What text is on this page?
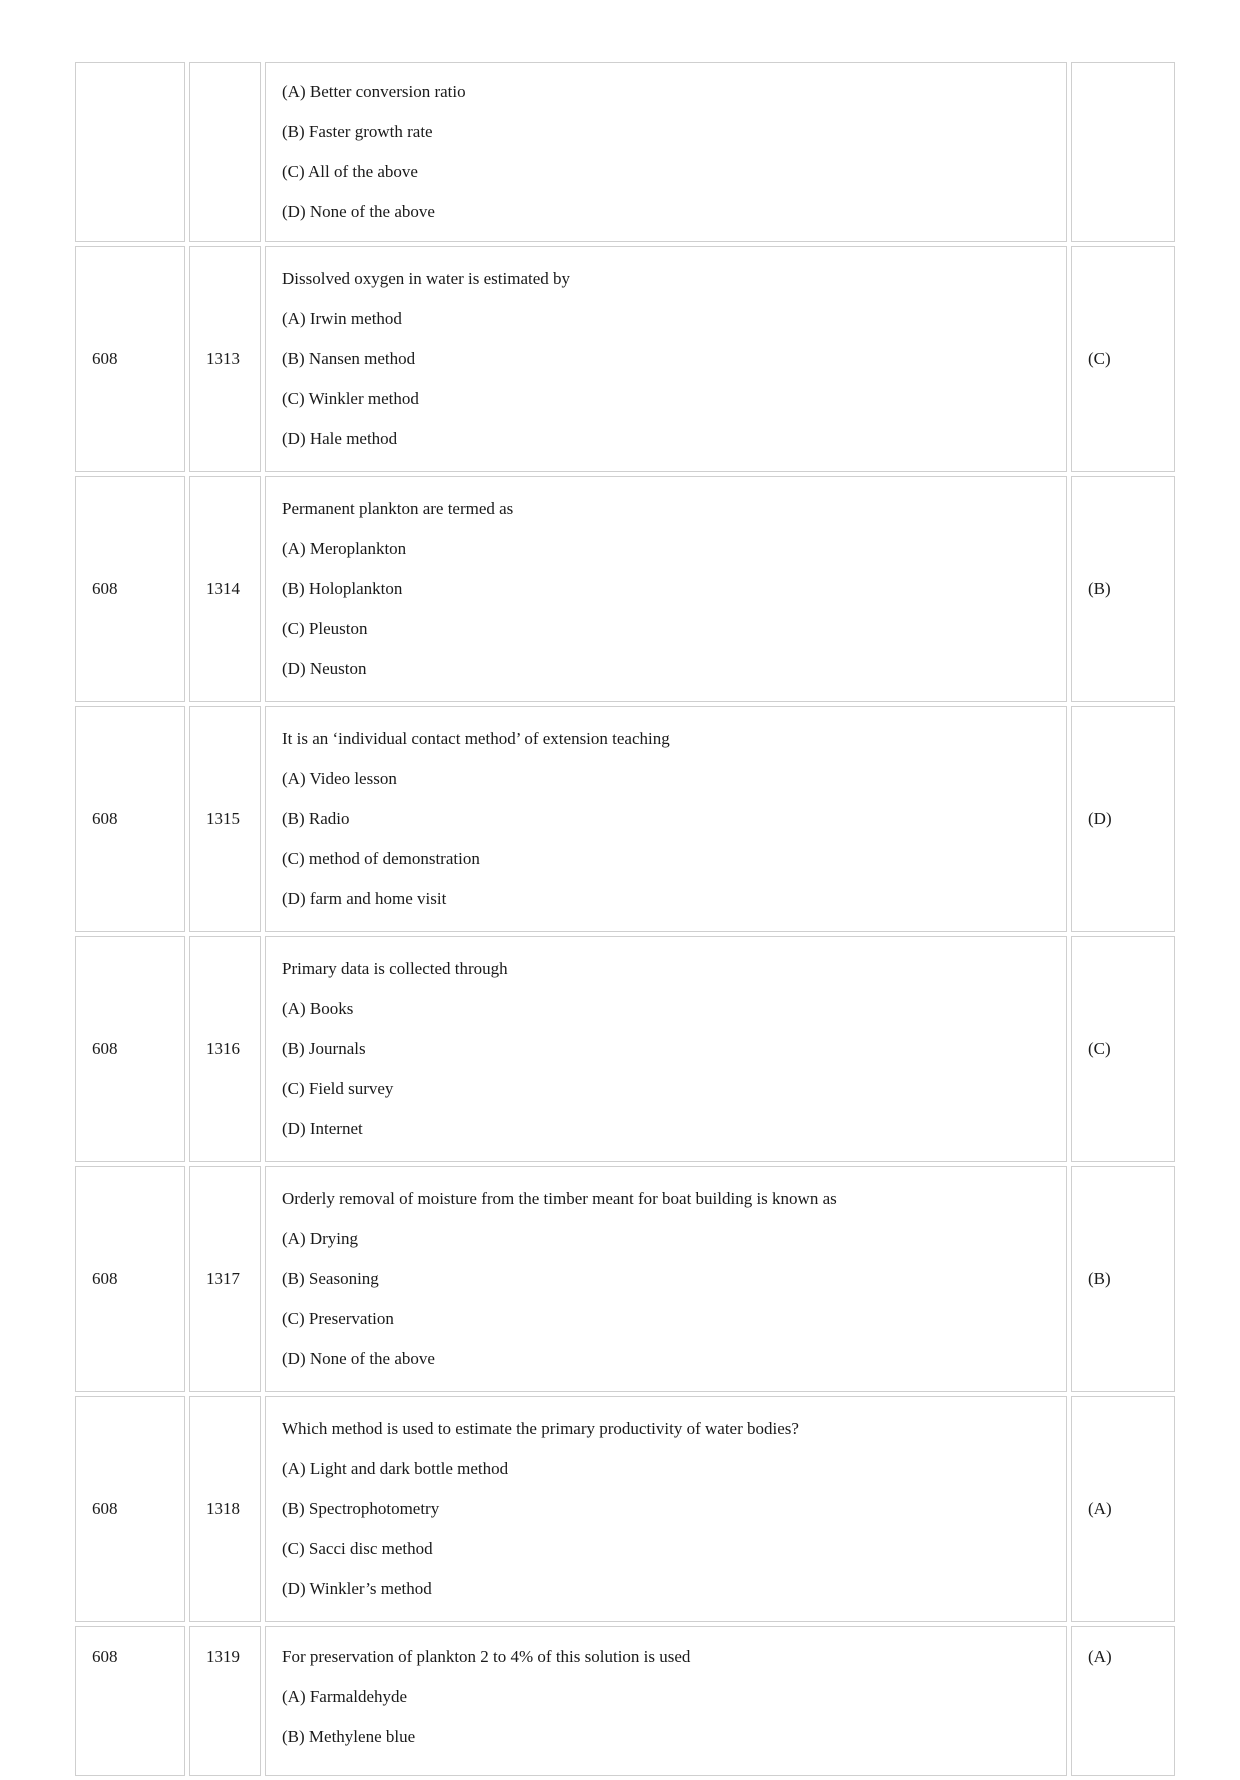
		(A) Better conversion ratio

(B) Faster growth rate

(C) All of the above

(D) None of the above	

608	1313	Dissolved oxygen in water is estimated by

(A) Irwin method

(B) Nansen method

(C) Winkler method

(D) Hale method	(C)
608	1314	Permanent plankton are termed as

(A) Meroplankton

(B) Holoplankton

(C) Pleuston

(D) Neuston	(B)
608	1315	It is an ‘individual contact method’ of extension teaching

(A) Video lesson

(B) Radio

(C) method of demonstration

(D) farm and home visit	(D)
608	1316	Primary data is collected through

(A) Books

(B) Journals

(C) Field survey

(D) Internet	(C)
608	1317	Orderly removal of moisture from the timber meant for boat building is known as

(A) Drying

(B) Seasoning

(C) Preservation

(D) None of the above	(B)
608	1318	Which method is used to estimate the primary productivity of water bodies?

(A) Light and dark bottle method

(B) Spectrophotometry

(C) Sacci disc method

(D) Winkler’s method	(A)
608	1319	For preservation of plankton 2 to 4% of this solution is used

(A) Farmaldehyde

(B) Methylene blue	(A)
